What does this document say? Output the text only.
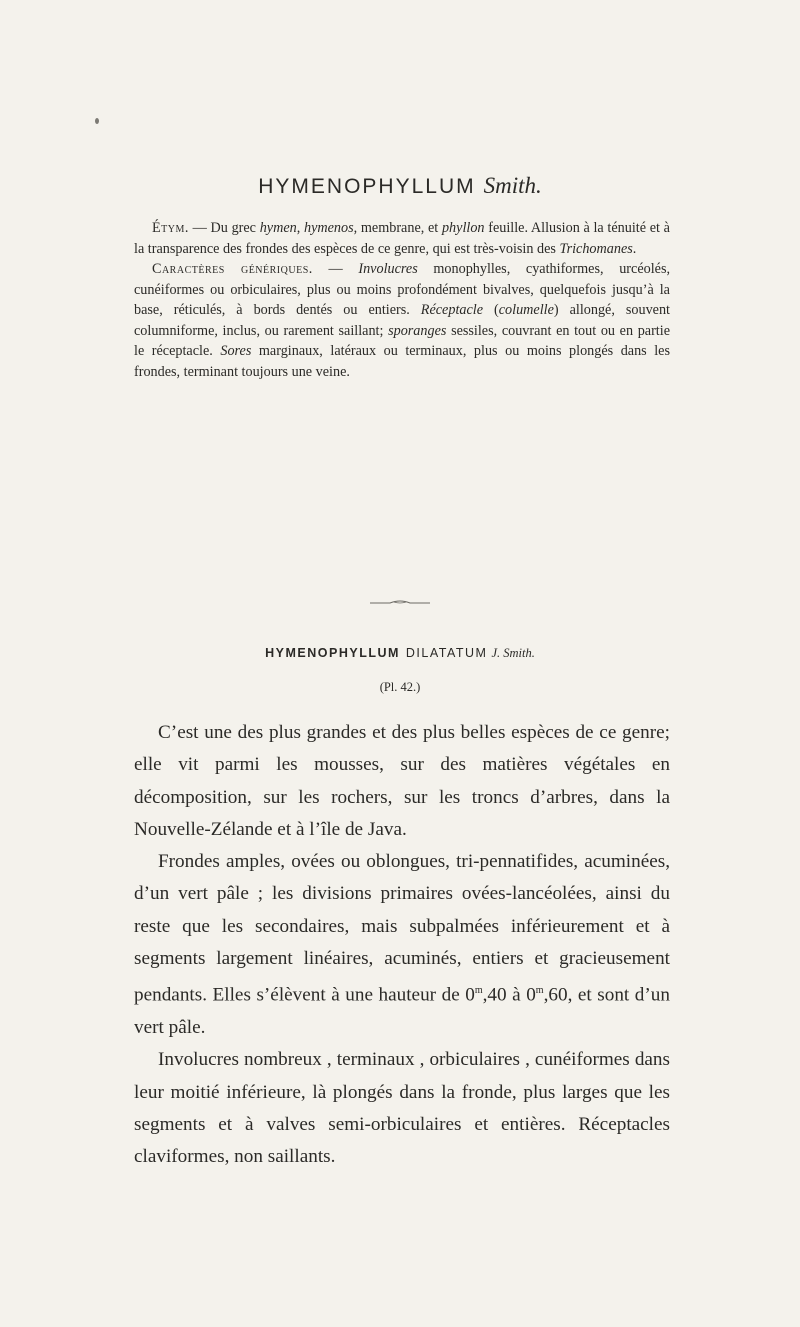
HYMENOPHYLLUM Smith.

Étym. — Du grec hymen, hymenos, membrane, et phyllon feuille. Allusion à la ténuité et à la transparence des frondes des espèces de ce genre, qui est très-voisin des Trichomanes.

Caractères génériques. — Involucres monophylles, cyathiformes, urcéolés, cunéiformes ou orbiculaires, plus ou moins profondément bivalves, quelquefois jusqu’à la base, réticulés, à bords dentés ou entiers. Réceptacle (columelle) allongé, souvent columniforme, inclus, ou rarement saillant; sporanges sessiles, couvrant en tout ou en partie le réceptacle. Sores marginaux, latéraux ou terminaux, plus ou moins plongés dans les frondes, terminant toujours une veine.

HYMENOPHYLLUM DILATATUM J. Smith.
(Pl. 42.)

C’est une des plus grandes et des plus belles espèces de ce genre; elle vit parmi les mousses, sur des matières végétales en décomposition, sur les rochers, sur les troncs d’arbres, dans la Nouvelle-Zélande et à l’île de Java.

Frondes amples, ovées ou oblongues, tri-pennatifides, acuminées, d’un vert pâle ; les divisions primaires ovées-lancéolées, ainsi du reste que les secondaires, mais subpalmées inférieurement et à segments largement linéaires, acuminés, entiers et gracieusement pendants. Elles s’élèvent à une hauteur de 0$^m$,40 à 0$^m$,60, et sont d’un vert pâle.

Involucres nombreux , terminaux , orbiculaires , cunéiformes dans leur moitié inférieure, là plongés dans la fronde, plus larges que les segments et à valves semi-orbiculaires et entières. Réceptacles claviformes, non saillants.
